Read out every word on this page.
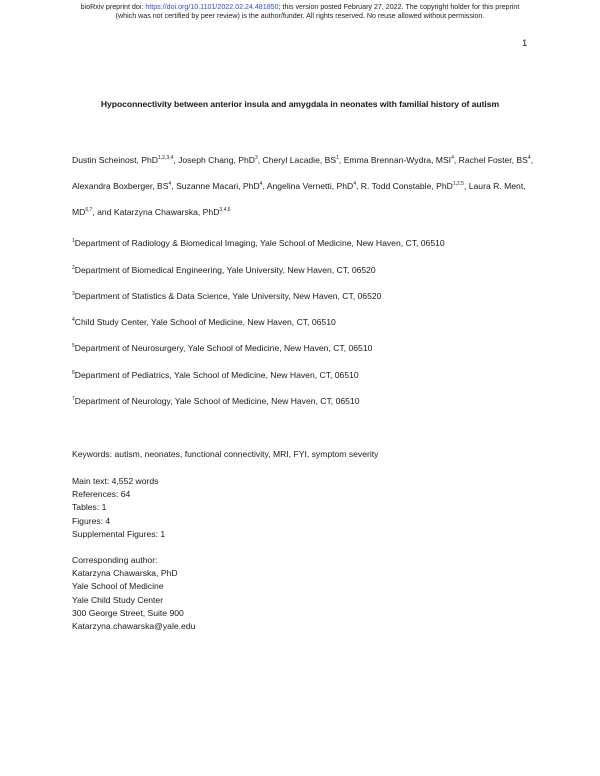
bioRxiv preprint doi: https://doi.org/10.1101/2022.02.24.481850; this version posted February 27, 2022. The copyright holder for this preprint
(which was not certified by peer review) is the author/funder. All rights reserved. No reuse allowed without permission.
1
Hypoconnectivity between anterior insula and amygdala in neonates with familial history of autism
Dustin Scheinost, PhD$^{1,2,3,4}$, Joseph Chang, PhD$^3$, Cheryl Lacadie, $BS^1$, Emma Brennan-Wydra, MSI$^4$, Rachel Foster, $BS^4$, Alexandra Boxberger, $BS^4$, Suzanne Macari, PhD$^4$, Angelina Vernetti, PhD$^4$, R. Todd Constable, PhD$^{1,2,5}$, Laura R. Ment, MD$^{6,7}$, and Katarzyna Chawarska, PhD$^{3,4,6}$
$^1$Department of Radiology & Biomedical Imaging, Yale School of Medicine, New Haven, CT, 06510
$^2$Department of Biomedical Engineering, Yale University, New Haven, CT, 06520
$^3$Department of Statistics & Data Science, Yale University, New Haven, CT, 06520
$^4$Child Study Center, Yale School of Medicine, New Haven, CT, 06510
$^5$Department of Neurosurgery, Yale School of Medicine, New Haven, CT, 06510
$^6$Department of Pediatrics, Yale School of Medicine, New Haven, CT, 06510
$^7$Department of Neurology, Yale School of Medicine, New Haven, CT, 06510
Keywords: autism, neonates, functional connectivity, MRI, FYI, symptom severity
Main text: 4,552 words
References: 64
Tables: 1
Figures: 4
Supplemental Figures: 1
Corresponding author:
Katarzyna Chawarska, PhD
Yale School of Medicine
Yale Child Study Center
300 George Street, Suite 900
Katarzyna.chawarska@yale.edu
